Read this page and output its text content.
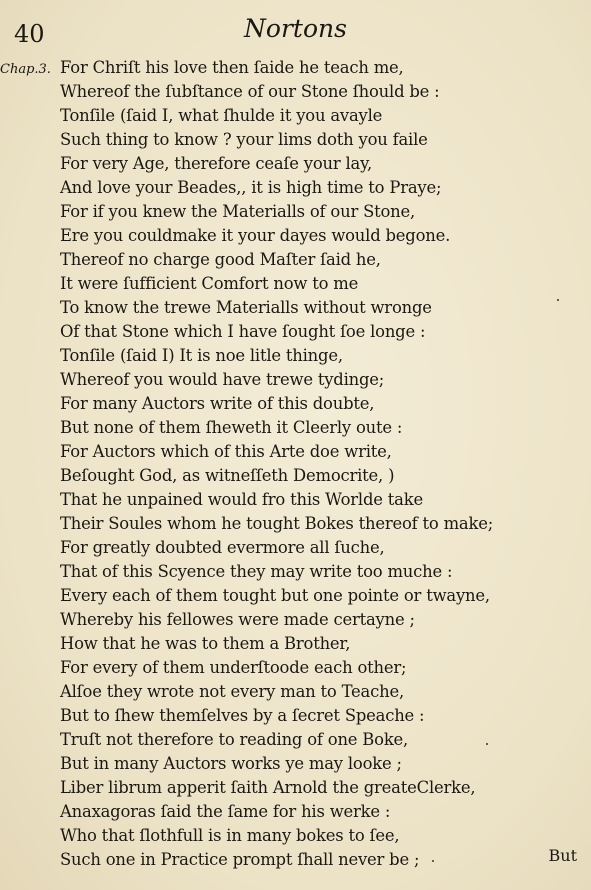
40	Nortons
Chap.3. For Chriſt his love then ſaide he teach me,
Whereof the ſubſtance of our Stone ſhould be :
Tonſile (ſaid I, what ſhulde it you avayle
Such thing to know ? your lims doth you faile
For very Age, therefore ceaſe your lay,
And love your Beades,, it is high time to Praye;
For if you knew the Materialls of our Stone,
Ere you couldmake it your dayes would begone.
Thereof no charge good Maſter ſaid he,
It were ſufficient Comfort now to me
To know the trewe Materialls without wronge
Of that Stone which I have ſought ſoe longe :
Tonſile (ſaid I) It is noe litle thinge,
Whereof you would have trewe tydinge;
For many Auctors write of this doubte,
But none of them ſheweth it Cleerly oute :
For Auctors which of this Arte doe write,
Beſought God, as witneſſeth Democrite, )
That he unpained would fro this Worlde take
Their Soules whom he tought Bokes thereof to make;
For greatly doubted evermore all ſuche,
That of this Scyence they may write too muche :
Every each of them tought but one pointe or twayne,
Whereby his fellowes were made certayne ;
How that he was to them a Brother,
For every of them underſtoode each other;
Alſoe they wrote not every man to Teache,
But to ſhew themſelves by a ſecret Speache :
Truſt not therefore to reading of one Boke,
But in many Auctors works ye may looke ;
Liber librum apperit ſaith Arnold the greateClerke,
Anaxagoras ſaid the ſame for his werke :
Who that ſlothfull is in many bokes to ſee,
Such one in Practice prompt ſhall never be ;	But
